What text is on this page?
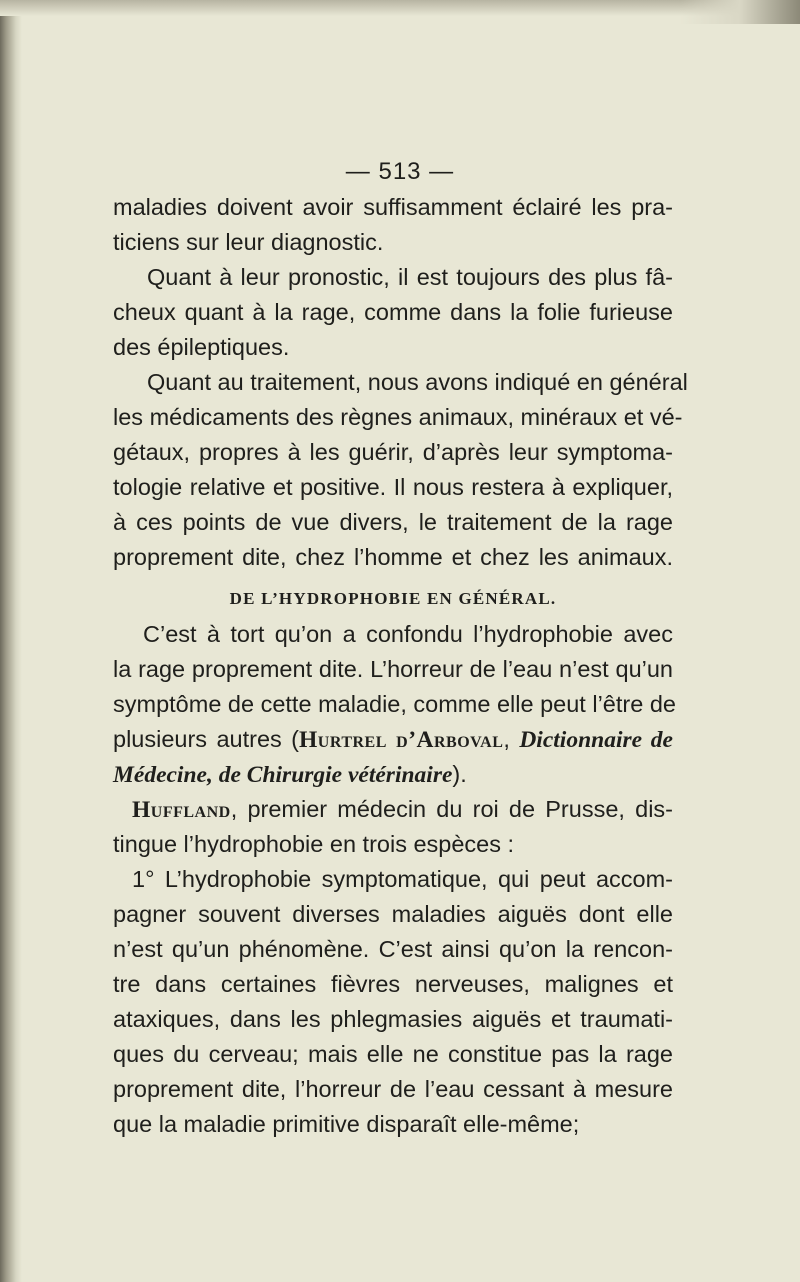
— 513 —
maladies doivent avoir suffisamment éclairé les pra-
ticiens sur leur diagnostic.
Quant à leur pronostic, il est toujours des plus fâ-
cheux quant à la rage, comme dans la folie furieuse
des épileptiques.
Quant au traitement, nous avons indiqué en général
les médicaments des règnes animaux, minéraux et vé-
gétaux, propres à les guérir, d’après leur symptoma-
tologie relative et positive. Il nous restera à expliquer,
à ces points de vue divers, le traitement de la rage
proprement dite, chez l’homme et chez les animaux.
DE L’HYDROPHOBIE EN GÉNÉRAL.
C’est à tort qu’on a confondu l’hydrophobie avec
la rage proprement dite. L’horreur de l’eau n’est qu’un
symptôme de cette maladie, comme elle peut l’être de
plusieurs autres (Hurtrel d’Arboval, Dictionnaire de
Médecine, de Chirurgie vétérinaire).
Huffland, premier médecin du roi de Prusse, dis-
tingue l’hydrophobie en trois espèces :
1° L’hydrophobie symptomatique, qui peut accom-
pagner souvent diverses maladies aiguës dont elle
n’est qu’un phénomène. C’est ainsi qu’on la rencon-
tre dans certaines fièvres nerveuses, malignes et
ataxiques, dans les phlegmasies aiguës et traumati-
ques du cerveau; mais elle ne constitue pas la rage
proprement dite, l’horreur de l’eau cessant à mesure
que la maladie primitive disparaît elle-même;
